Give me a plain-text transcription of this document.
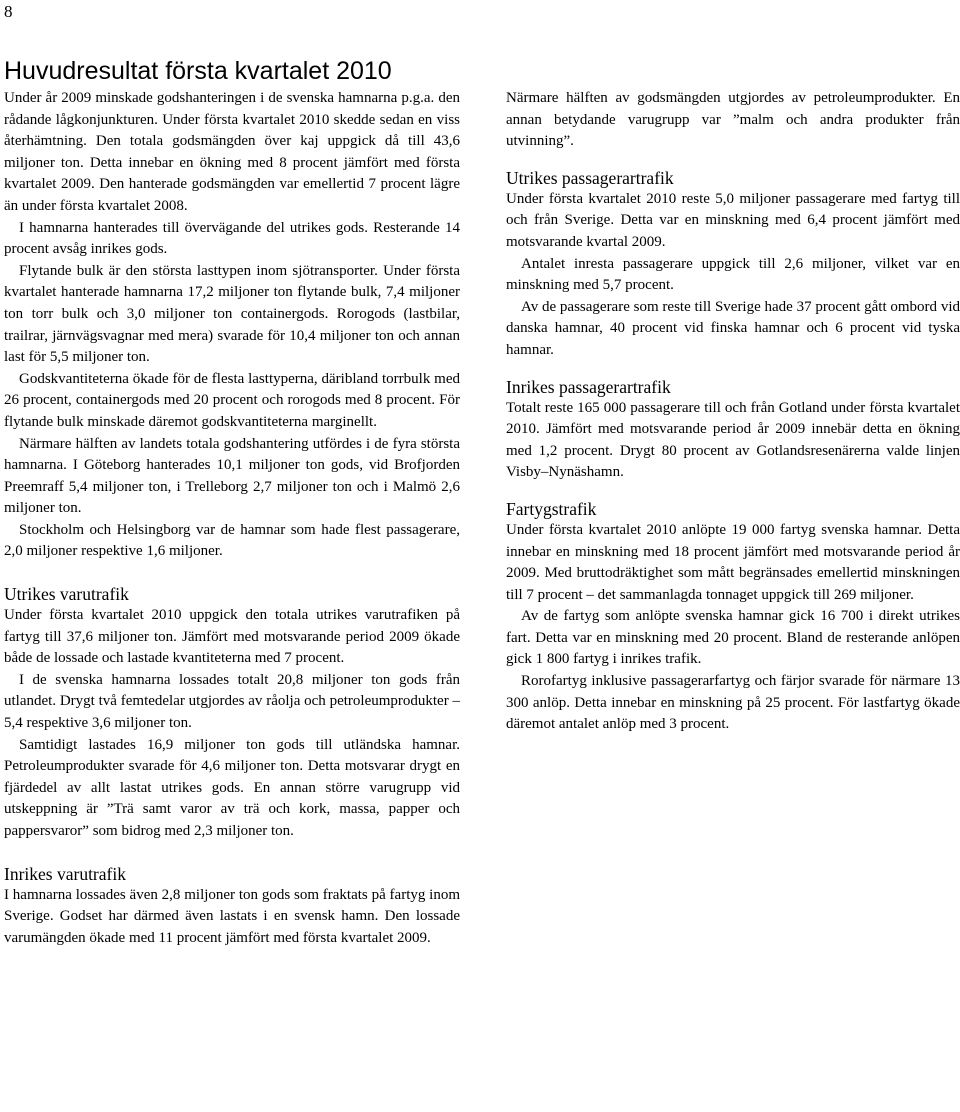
8
Huvudresultat första kvartalet 2010

Under år 2009 minskade godshanteringen i de svenska hamnarna p.g.a. den rådande lågkonjunkturen. Under första kvartalet 2010 skedde sedan en viss återhämtning. Den totala godsmängden över kaj uppgick då till 43,6 miljoner ton. Detta innebar en ökning med 8 procent jämfört med första kvartalet 2009. Den hanterade godsmängden var emellertid 7 procent lägre än under första kvartalet 2008.

I hamnarna hanterades till övervägande del utrikes gods. Resterande 14 procent avsåg inrikes gods.

Flytande bulk är den största lasttypen inom sjötransporter. Under första kvartalet hanterade hamnarna 17,2 miljoner ton flytande bulk, 7,4 miljoner ton torr bulk och 3,0 miljoner ton containergods. Rorogods (lastbilar, trailrar, järnvägsvagnar med mera) svarade för 10,4 miljoner ton och annan last för 5,5 miljoner ton.

Godskvantiteterna ökade för de flesta lasttyperna, däribland torrbulk med 26 procent, containergods med 20 procent och rorogods med 8 procent. För flytande bulk minskade däremot godskvantiteterna marginellt.

Närmare hälften av landets totala godshantering utfördes i de fyra största hamnarna. I Göteborg hanterades 10,1 miljoner ton gods, vid Brofjorden Preemraff 5,4 miljoner ton, i Trelleborg 2,7 miljoner ton och i Malmö 2,6 miljoner ton.

Stockholm och Helsingborg var de hamnar som hade flest passagerare, 2,0 miljoner respektive 1,6 miljoner.

Utrikes varutrafik

Under första kvartalet 2010 uppgick den totala utrikes varutrafiken på fartyg till 37,6 miljoner ton. Jämfört med motsvarande period 2009 ökade både de lossade och lastade kvantiteterna med 7 procent.

I de svenska hamnarna lossades totalt 20,8 miljoner ton gods från utlandet. Drygt två femtedelar utgjordes av råolja och petroleumprodukter – 5,4 respektive 3,6 miljoner ton.

Samtidigt lastades 16,9 miljoner ton gods till utländska hamnar. Petroleumprodukter svarade för 4,6 miljoner ton. Detta motsvarar drygt en fjärdedel av allt lastat utrikes gods. En annan större varugrupp vid utskeppning är ”Trä samt varor av trä och kork, massa, papper och pappersvaror” som bidrog med 2,3 miljoner ton.

Inrikes varutrafik

I hamnarna lossades även 2,8 miljoner ton gods som fraktats på fartyg inom Sverige. Godset har därmed även lastats i en svensk hamn. Den lossade varumängden ökade med 11 procent jämfört med första kvartalet 2009.

Närmare hälften av godsmängden utgjordes av petroleumprodukter. En annan betydande varugrupp var ”malm och andra produkter från utvinning”.

Utrikes passagerartrafik

Under första kvartalet 2010 reste 5,0 miljoner passagerare med fartyg till och från Sverige. Detta var en minskning med 6,4 procent jämfört med motsvarande kvartal 2009.

Antalet inresta passagerare uppgick till 2,6 miljoner, vilket var en minskning med 5,7 procent.

Av de passagerare som reste till Sverige hade 37 procent gått ombord vid danska hamnar, 40 procent vid finska hamnar och 6 procent vid tyska hamnar.

Inrikes passagerartrafik

Totalt reste 165 000 passagerare till och från Gotland under första kvartalet 2010. Jämfört med motsvarande period år 2009 innebär detta en ökning med 1,2 procent. Drygt 80 procent av Gotlandsresenärerna valde linjen Visby–Nynäshamn.

Fartygstrafik

Under första kvartalet 2010 anlöpte 19 000 fartyg svenska hamnar. Detta innebar en minskning med 18 procent jämfört med motsvarande period år 2009. Med bruttodräktighet som mått begränsades emellertid minskningen till 7 procent – det sammanlagda tonnaget uppgick till 269 miljoner.

Av de fartyg som anlöpte svenska hamnar gick 16 700 i direkt utrikes fart. Detta var en minskning med 20 procent. Bland de resterande anlöpen gick 1 800 fartyg i inrikes trafik.

Rorofartyg inklusive passagerarfartyg och färjor svarade för närmare 13 300 anlöp. Detta innebar en minskning på 25 procent. För lastfartyg ökade däremot antalet anlöp med 3 procent.
